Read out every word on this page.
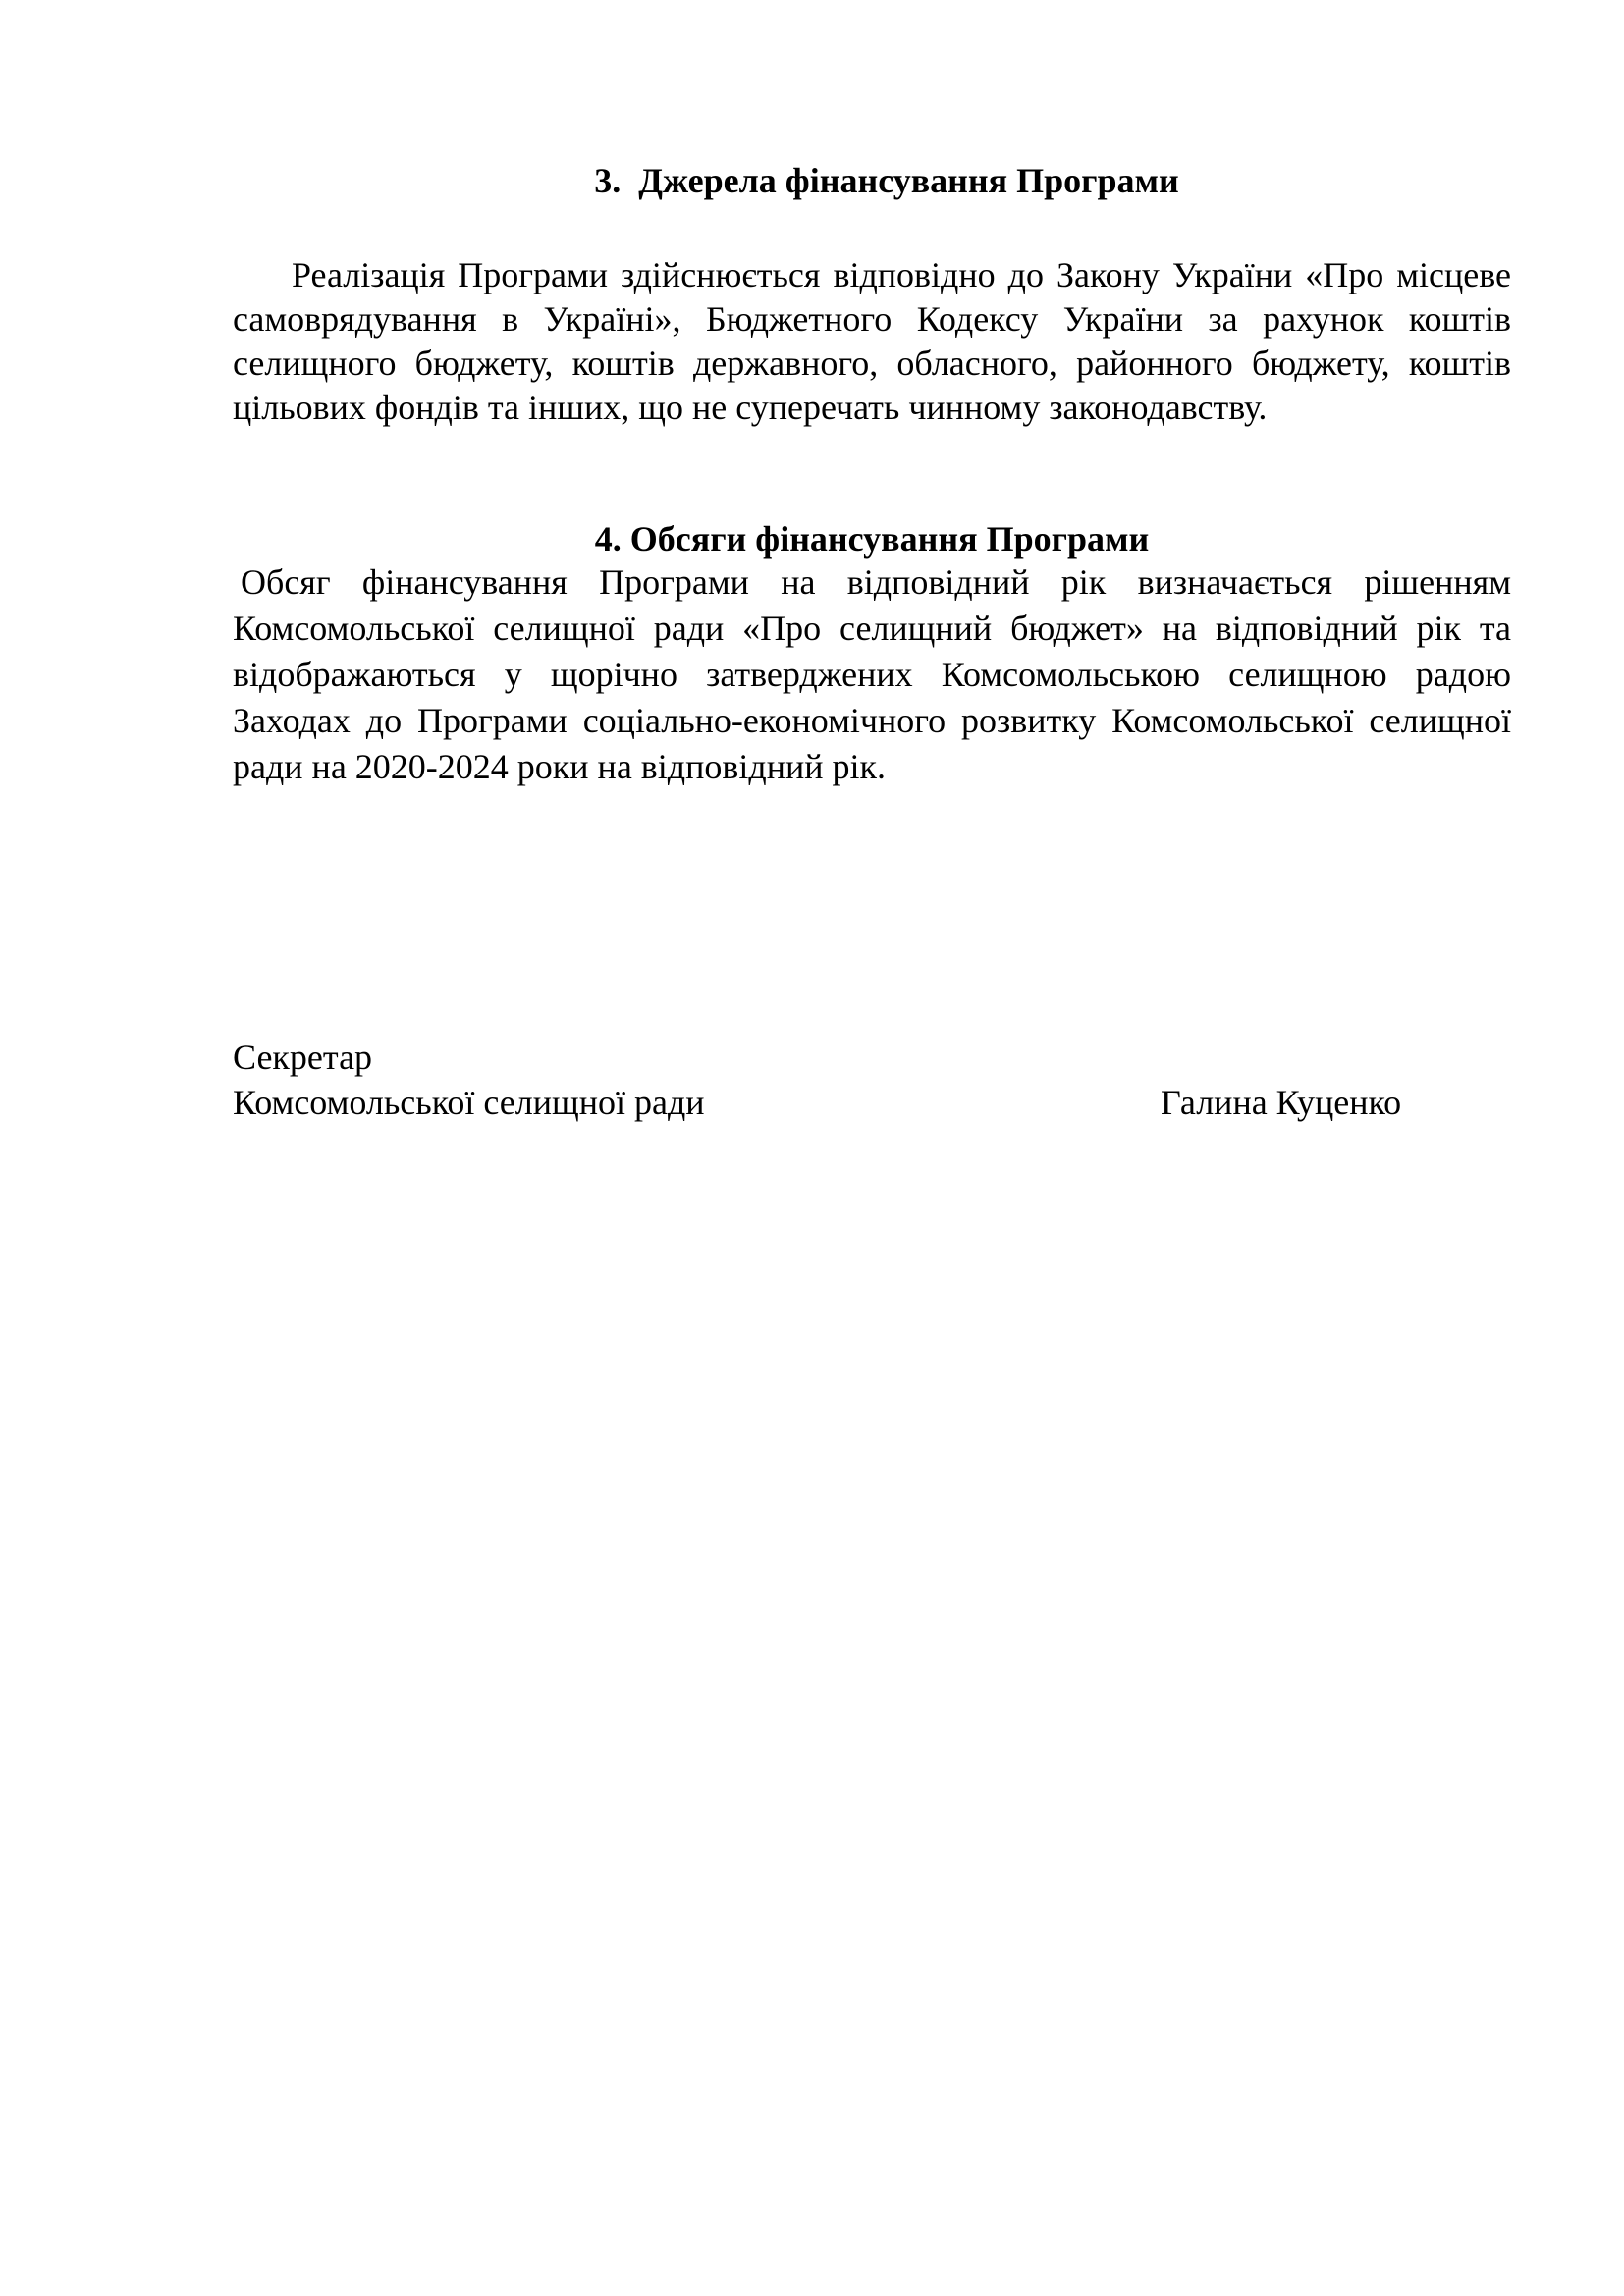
3.  Джерела фінансування Програми

Реалізація Програми здійснюється відповідно до Закону України «Про місцеве самоврядування в Україні», Бюджетного Кодексу України за рахунок коштів селищного бюджету, коштів державного, обласного, районного бюджету, коштів цільових фондів та інших, що не суперечать чинному законодавству.

4. Обсяги фінансування Програми

Обсяг фінансування Програми на відповідний рік визначається рішенням Комсомольської селищної ради «Про селищний бюджет» на відповідний рік та відображаються у щорічно затверджених Комсомольською селищною радою Заходах до Програми соціально-економічного розвитку Комсомольської селищної ради на 2020-2024 роки на відповідний рік.

Секретар
Комсомольської селищної ради	Галина Куценко
